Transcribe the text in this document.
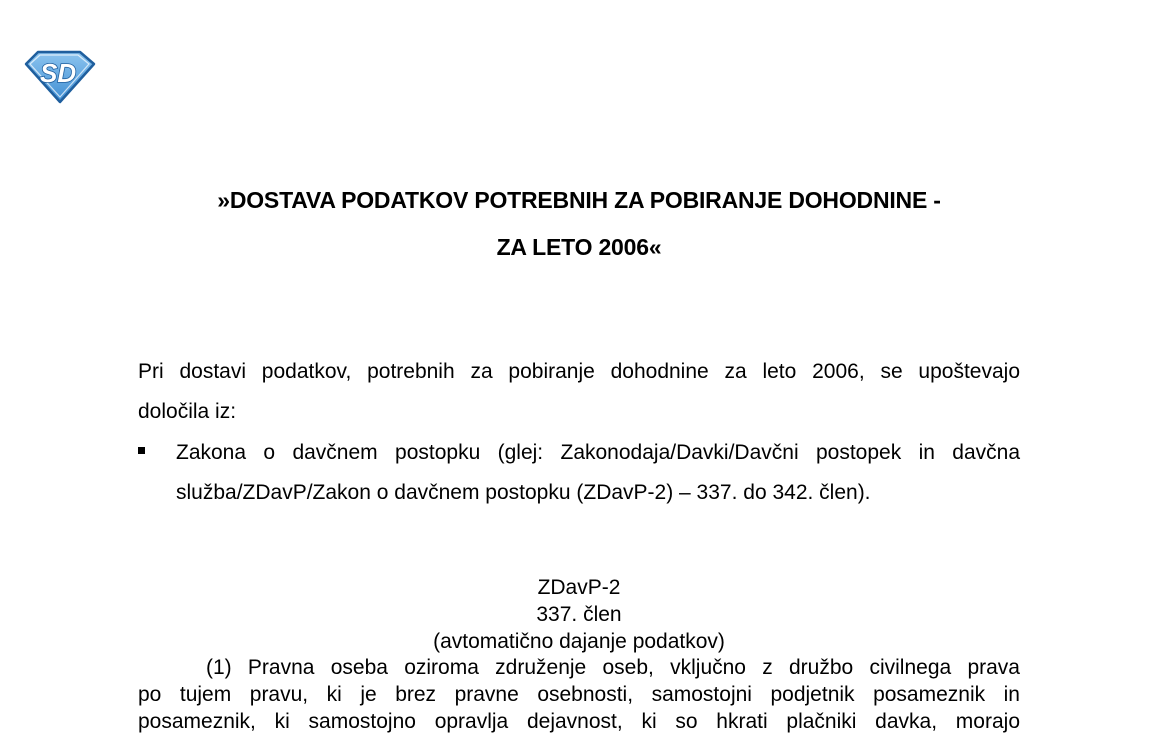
SD
»DOSTAVA PODATKOV POTREBNIH ZA POBIRANJE DOHODNINE -
ZA LETO 2006«
Pri dostavi podatkov, potrebnih za pobiranje dohodnine za leto 2006, se upoštevajo
določila iz:
Zakona o davčnem postopku (glej: Zakonodaja/Davki/Davčni postopek in davčna
služba/ZDavP/Zakon o davčnem postopku (ZDavP-2) – 337. do 342. člen).
ZDavP-2
337. člen
(avtomatično dajanje podatkov)
(1) Pravna oseba oziroma združenje oseb, vključno z družbo civilnega prava
po tujem pravu, ki je brez pravne osebnosti, samostojni podjetnik posameznik in
posameznik, ki samostojno opravlja dejavnost, ki so hkrati plačniki davka, morajo
